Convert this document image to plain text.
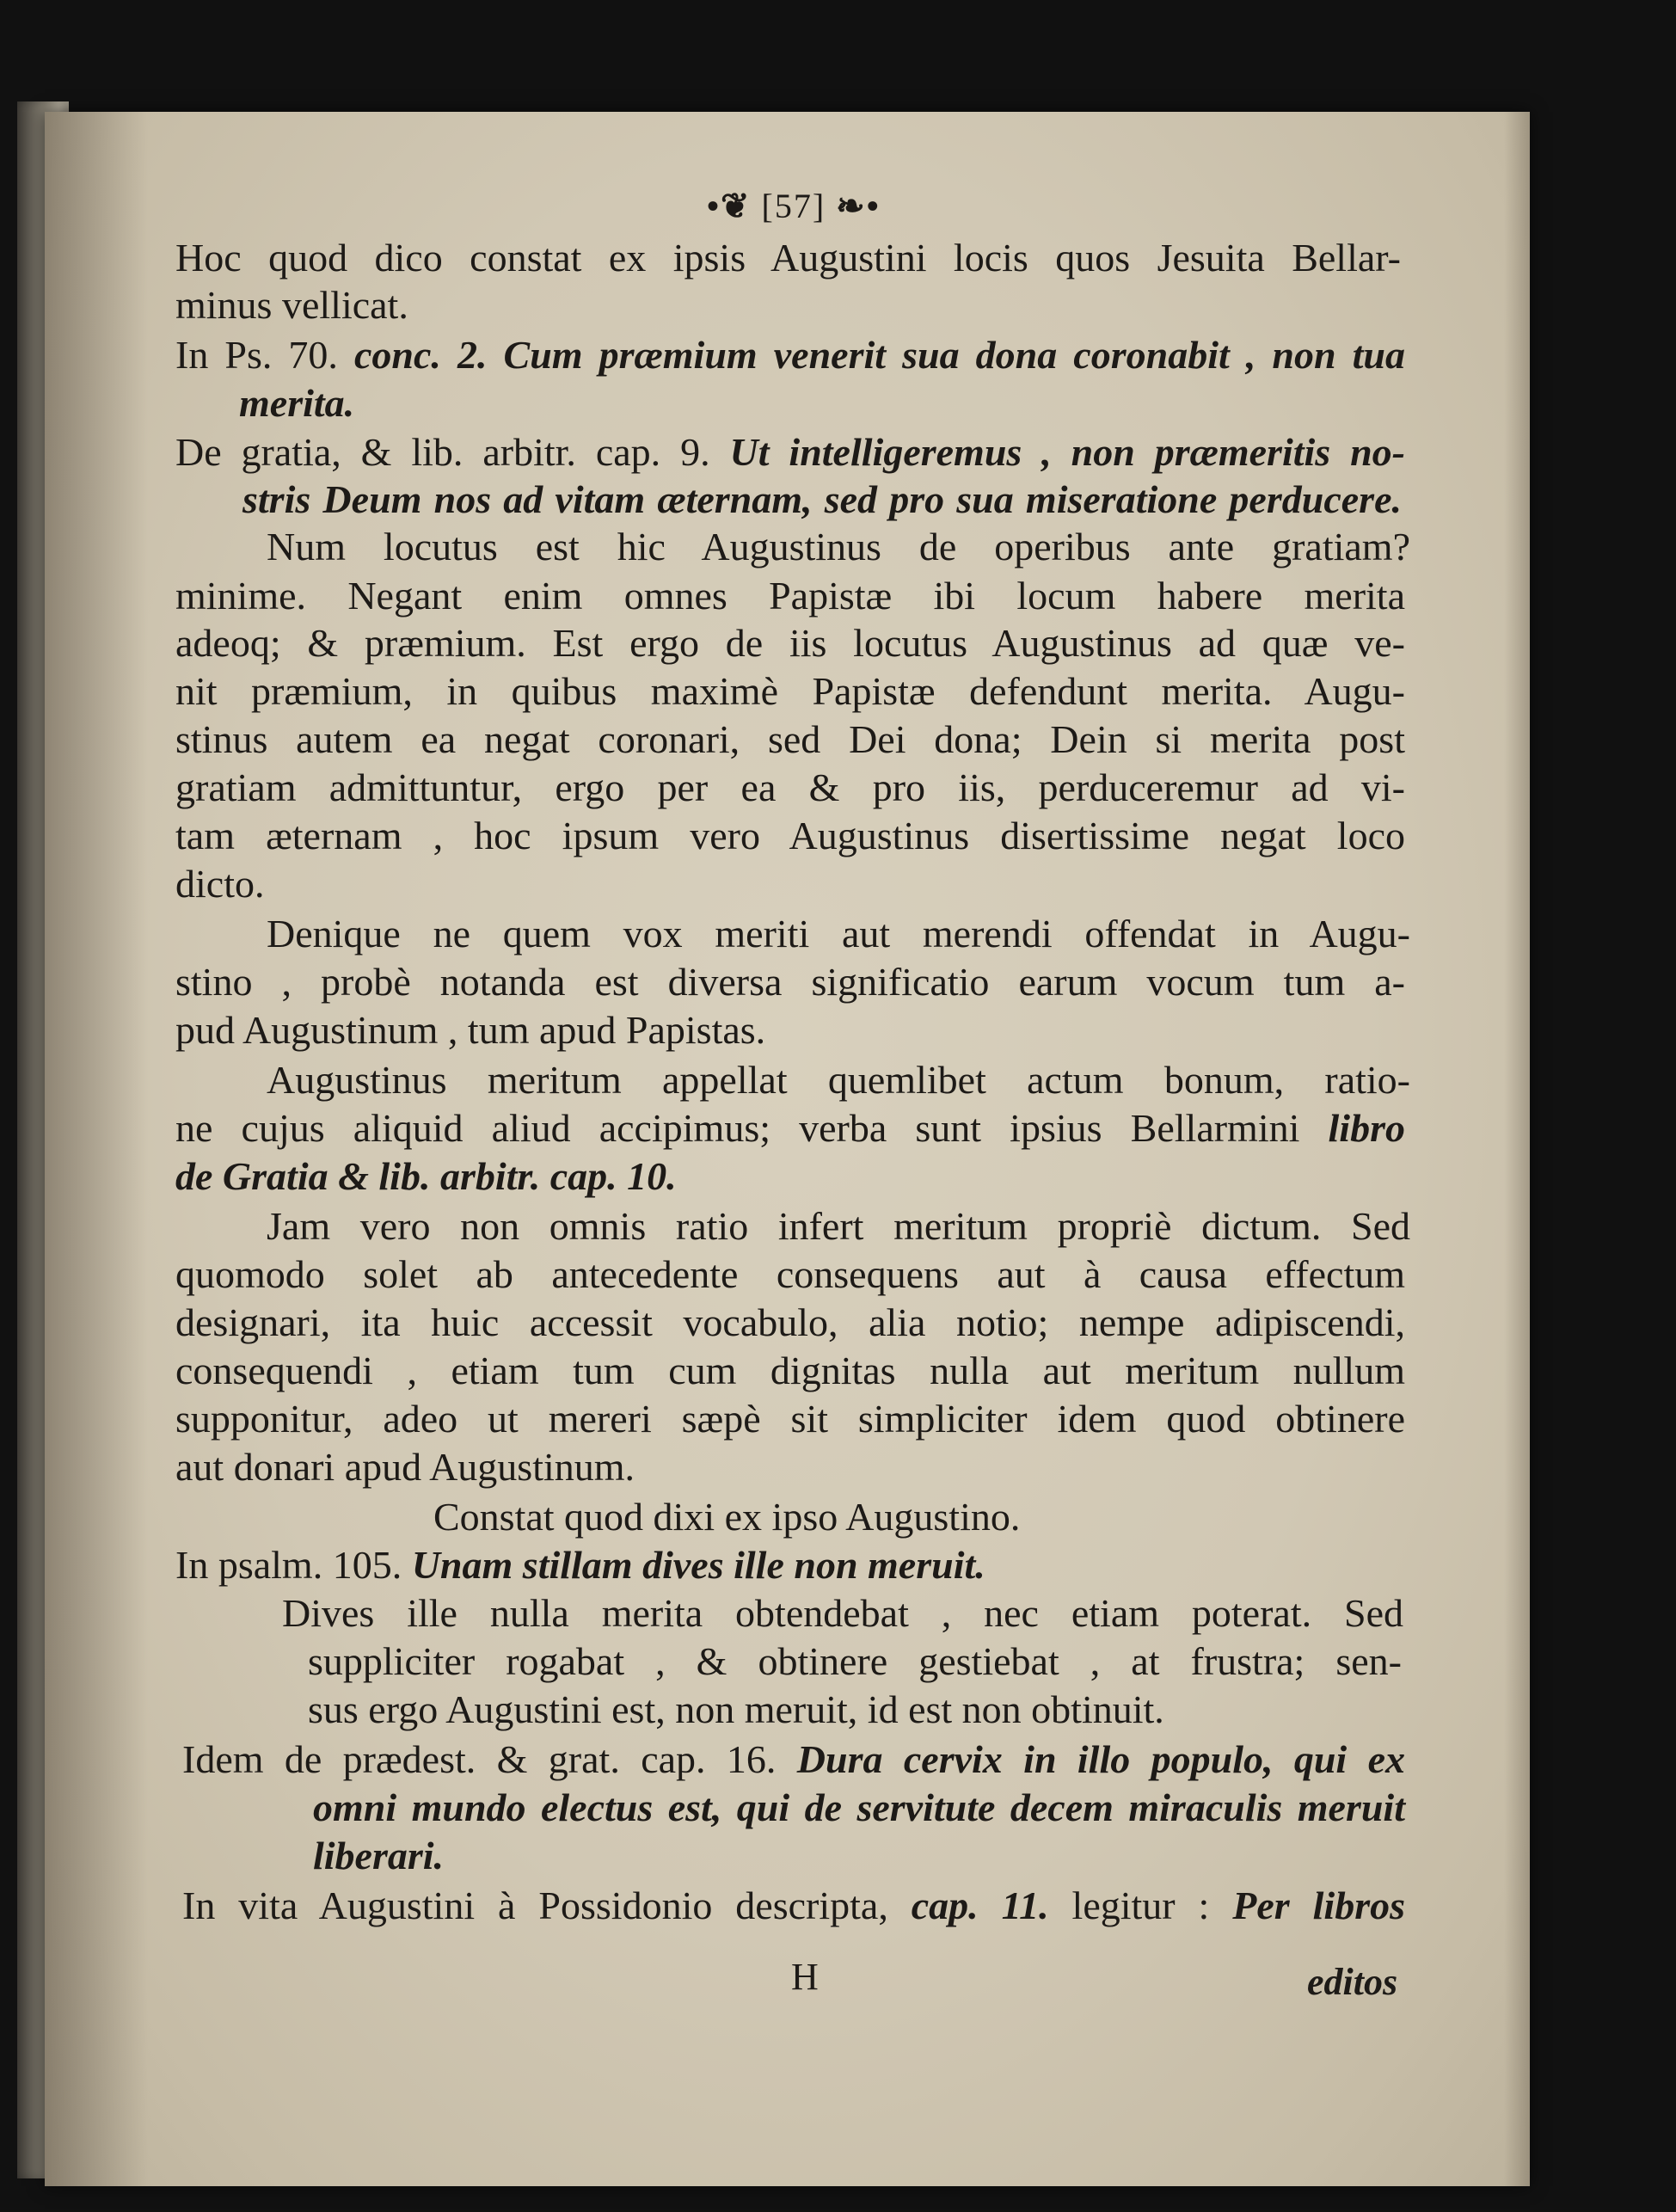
•❦ [57] ❧•
Hoc quod dico constat ex ipsis Augustini locis quos Jesuita Bellar-
minus vellicat.
In Ps. 70. conc. 2. Cum præmium venerit sua dona coronabit , non tua
merita.
De gratia, & lib. arbitr. cap. 9. Ut intelligeremus , non præmeritis no-
stris Deum nos ad vitam æternam, sed pro sua miseratione perducere.
Num locutus est hic Augustinus de operibus ante gratiam?
minime. Negant enim omnes Papistæ ibi locum habere merita
adeoq; & præmium. Est ergo de iis locutus Augustinus ad quæ ve-
nit præmium, in quibus maximè Papistæ defendunt merita. Augu-
stinus autem ea negat coronari, sed Dei dona; Dein si merita post
gratiam admittuntur, ergo per ea & pro iis, perduceremur ad vi-
tam æternam , hoc ipsum vero Augustinus disertissime negat loco
dicto.
Denique ne quem vox meriti aut merendi offendat in Augu-
stino , probè notanda est diversa significatio earum vocum tum a-
pud Augustinum , tum apud Papistas.
Augustinus meritum appellat quemlibet actum bonum, ratio-
ne cujus aliquid aliud accipimus; verba sunt ipsius Bellarmini libro
de Gratia & lib. arbitr. cap. 10.
Jam vero non omnis ratio infert meritum propriè dictum. Sed
quomodo solet ab antecedente consequens aut à causa effectum
designari, ita huic accessit vocabulo, alia notio; nempe adipiscendi,
consequendi , etiam tum cum dignitas nulla aut meritum nullum
supponitur, adeo ut mereri sæpè sit simpliciter idem quod obtinere
aut donari apud Augustinum.
Constat quod dixi ex ipso Augustino.
In psalm. 105. Unam stillam dives ille non meruit.
Dives ille nulla merita obtendebat , nec etiam poterat. Sed
suppliciter rogabat , & obtinere gestiebat , at frustra; sen-
sus ergo Augustini est, non meruit, id est non obtinuit.
Idem de prædest. & grat. cap. 16. Dura cervix in illo populo, qui ex
omni mundo electus est, qui de servitute decem miraculis meruit
liberari.
In vita Augustini à Possidonio descripta, cap. 11. legitur : Per libros
H	editos
